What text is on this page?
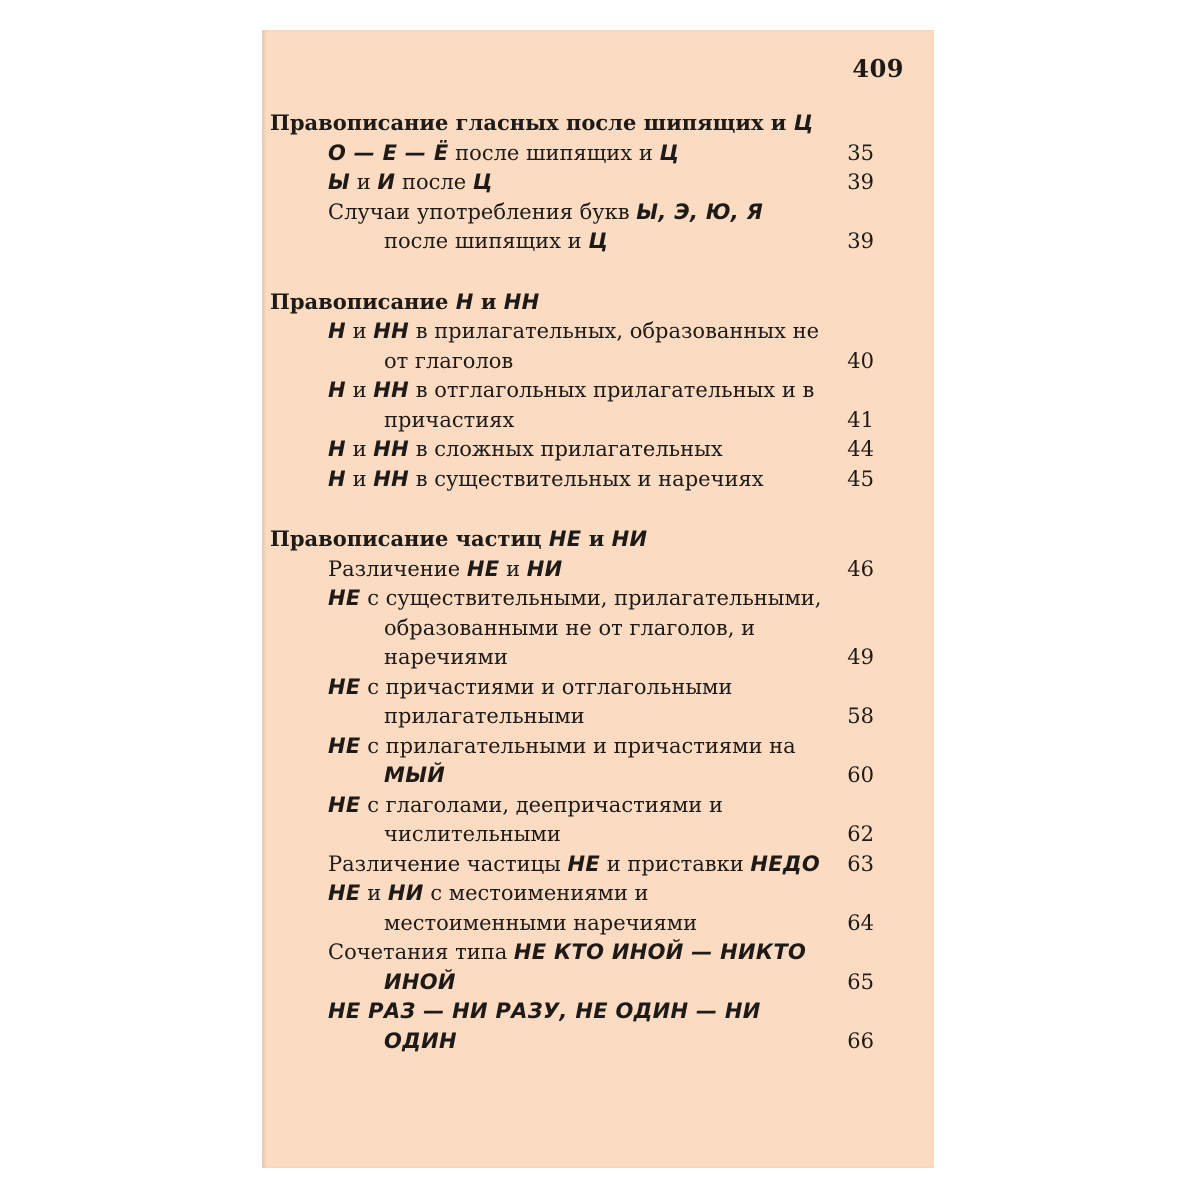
409
Правописание гласных после шипящих и Ц
О — Е — Ё после шипящих и Ц	35
Ы и И после Ц	39
Случаи употребления букв Ы, Э, Ю, Я после шипящих и Ц	39
Правописание Н и НН
Н и НН в прилагательных, образованных не от глаголов	40
Н и НН в отглагольных прилагательных и в причастиях	41
Н и НН в сложных прилагательных	44
Н и НН в существительных и наречиях	45
Правописание частиц НЕ и НИ
Различение НЕ и НИ	46
НЕ с существительными, прилагательными, образованными не от глаголов, и наречиями	49
НЕ с причастиями и отглагольными прилагательными	58
НЕ с прилагательными и причастиями на МЫЙ	60
НЕ с глаголами, деепричастиями и числительными	62
Различение частицы НЕ и приставки НЕДО	63
НЕ и НИ с местоимениями и местоименными наречиями	64
Сочетания типа НЕ КТО ИНОЙ — НИКТО ИНОЙ	65
НЕ РАЗ — НИ РАЗУ, НЕ ОДИН — НИ ОДИН	66
